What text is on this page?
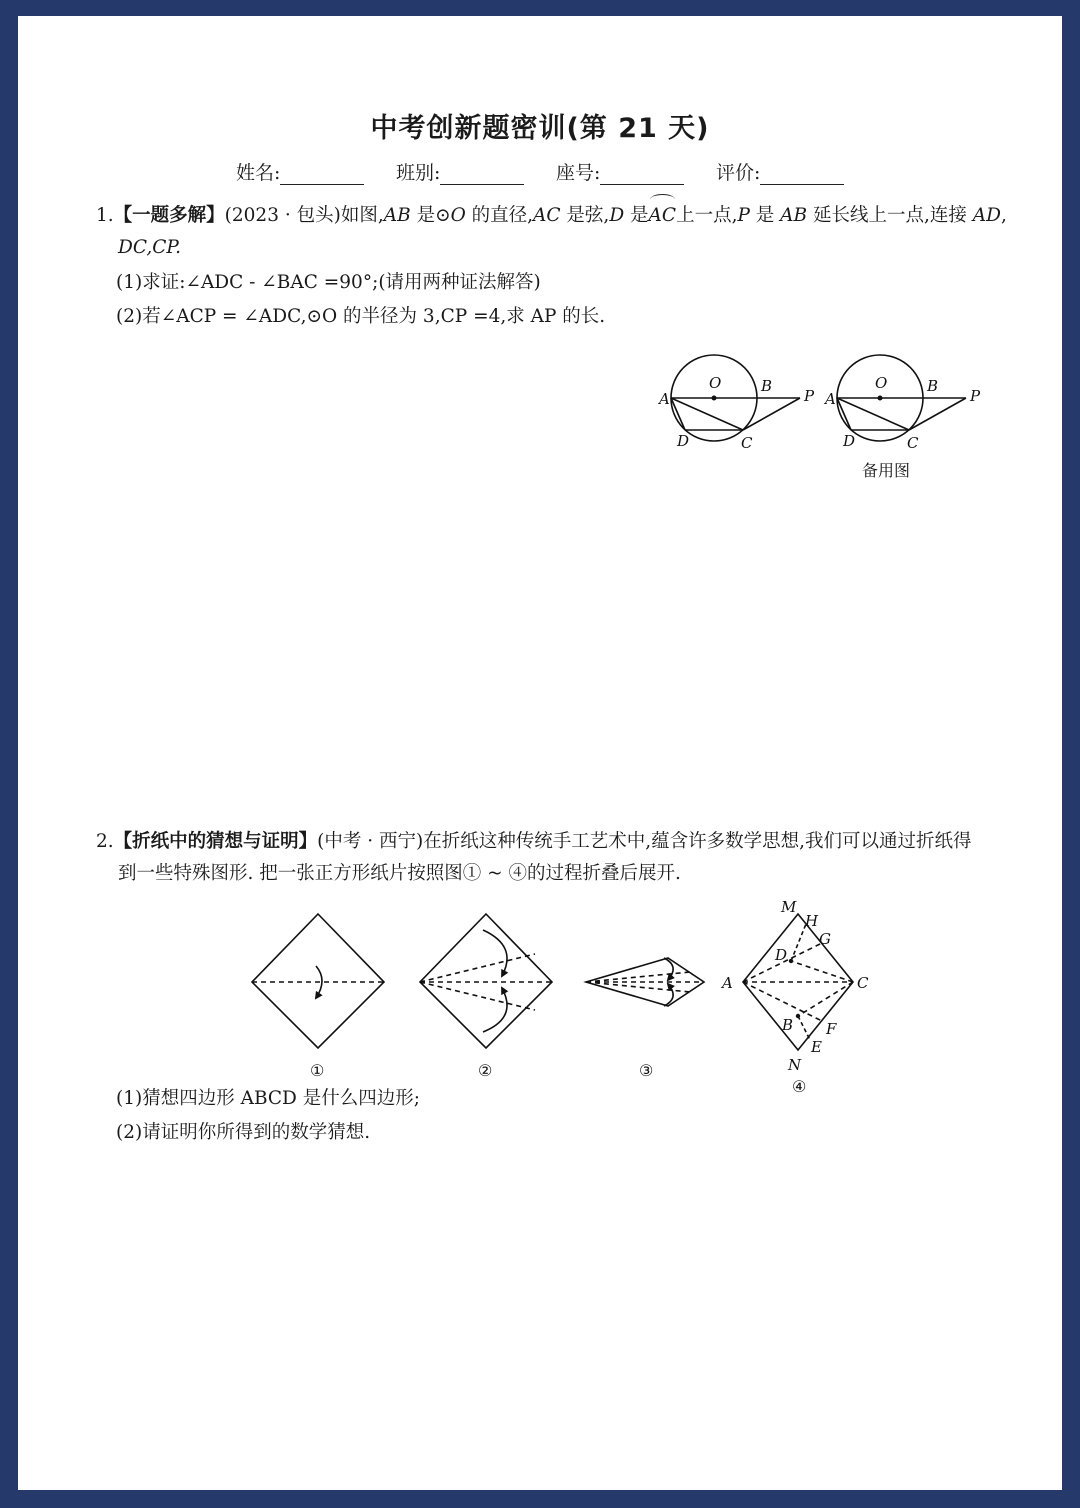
中考创新题密训(第 21 天)
姓名:	班别:	座号:	评价:
1.【一题多解】(2023 · 包头)如图,AB 是⊙O 的直径,AC 是弦,D 是AC上一点,P 是 AB 延长线上一点,连接 AD,
DC,CP.
(1)求证:∠ADC - ∠BAC =90°;(请用两种证法解答)
(2)若∠ACP = ∠ADC,⊙O 的半径为 3,CP =4,求 AP 的长.
O	B
P
A
D	C
O	B
P
A
D	C
备用图
2.【折纸中的猜想与证明】(中考 · 西宁)在折纸这种传统手工艺术中,蕴含许多数学思想,我们可以通过折纸得
到一些特殊图形. 把一张正方形纸片按照图① ~ ④的过程折叠后展开.
①	②	③
M
H
G
D
A	C
B F
E
N
④
(1)猜想四边形 ABCD 是什么四边形;
(2)请证明你所得到的数学猜想.
